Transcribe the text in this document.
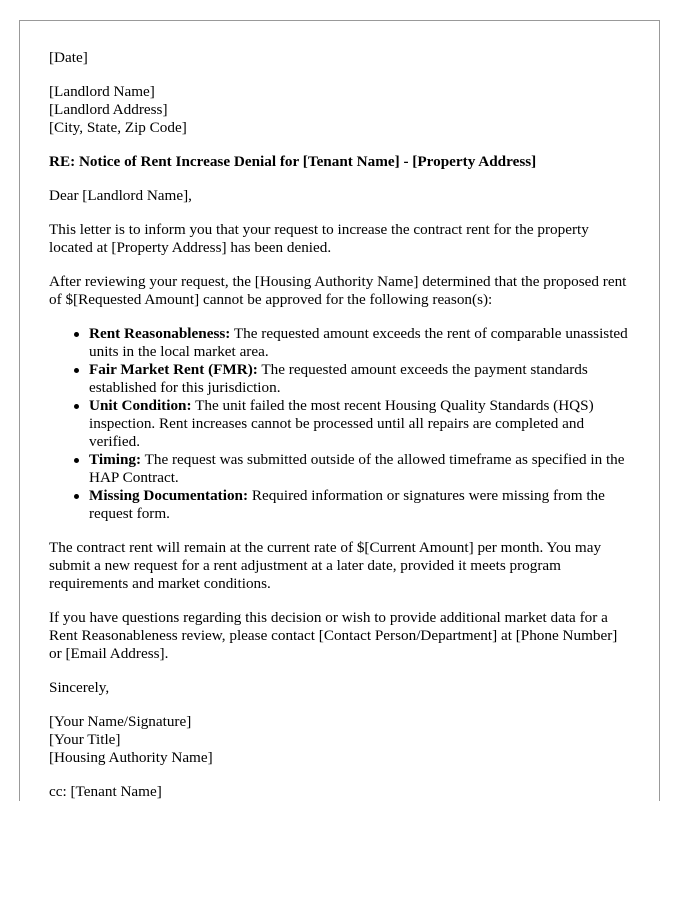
[Date]
[Landlord Name]
[Landlord Address]
[City, State, Zip Code]
RE: Notice of Rent Increase Denial for [Tenant Name] - [Property Address]
Dear [Landlord Name],
This letter is to inform you that your request to increase the contract rent for the property located at [Property Address] has been denied.
After reviewing your request, the [Housing Authority Name] determined that the proposed rent of $[Requested Amount] cannot be approved for the following reason(s):
Rent Reasonableness: The requested amount exceeds the rent of comparable unassisted units in the local market area.
Fair Market Rent (FMR): The requested amount exceeds the payment standards established for this jurisdiction.
Unit Condition: The unit failed the most recent Housing Quality Standards (HQS) inspection. Rent increases cannot be processed until all repairs are completed and verified.
Timing: The request was submitted outside of the allowed timeframe as specified in the HAP Contract.
Missing Documentation: Required information or signatures were missing from the request form.
The contract rent will remain at the current rate of $[Current Amount] per month. You may submit a new request for a rent adjustment at a later date, provided it meets program requirements and market conditions.
If you have questions regarding this decision or wish to provide additional market data for a Rent Reasonableness review, please contact [Contact Person/Department] at [Phone Number] or [Email Address].
Sincerely,
[Your Name/Signature]
[Your Title]
[Housing Authority Name]
cc: [Tenant Name]
